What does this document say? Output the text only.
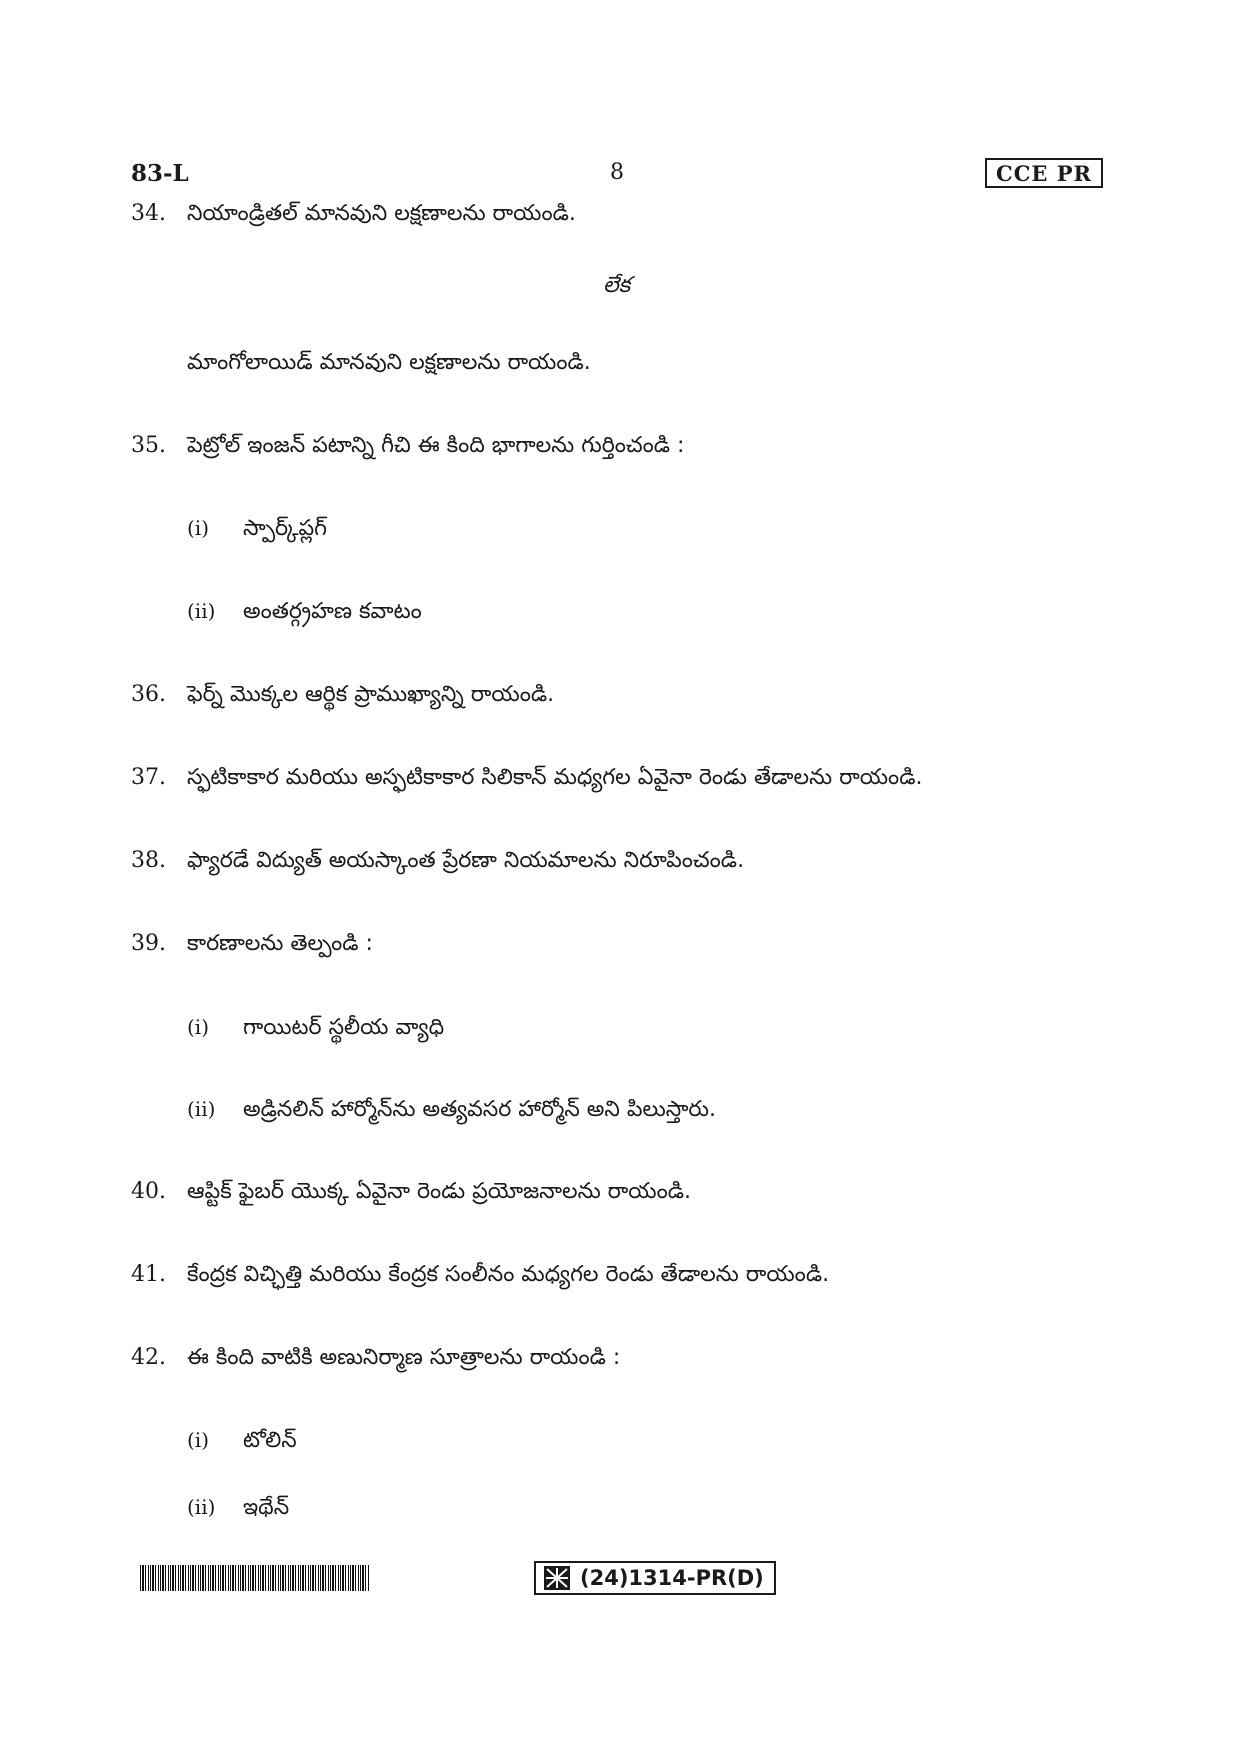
83-L	8	CCE PR
34. నియాండ్రిత‌ల్ మానవుని లక్షణాలను రాయండి.
లేక
మాంగోలాయిడ్ మానవుని లక్షణాలను రాయండి.
35. పెట్రోల్ ఇంజన్ పటాన్ని గీచి ఈ కింది భాగాలను గుర్తించండి :
(i) స్పార్క్‌ప్లగ్
(ii) అంతర్గ్రహణ కవాటం
36. ఫెర్న్ మొక్కల ఆర్థిక ప్రాముఖ్యాన్ని రాయండి.
37. స్ఫటికాకార మరియు అస్ఫటికాకార సిలికాన్ మధ్యగల ఏవైనా రెండు తేడాలను రాయండి.
38. ఫ్యారడే విద్యుత్ అయస్కాంత ప్రేరణా నియమాలను నిరూపించండి.
39. కారణాలను తెల్పండి :
(i) గాయిటర్ స్థలీయ వ్యాధి
(ii) అడ్రినలిన్ హార్మోన్‌ను అత్యవసర హార్మోన్ అని పిలుస్తారు.
40. ఆప్టిక్ ఫైబర్ యొక్క ఏవైనా రెండు ప్రయోజనాలను రాయండి.
41. కేంద్రక విచ్ఛిత్తి మరియు కేంద్రక సంలీనం మధ్యగల రెండు తేడాలను రాయండి.
42. ఈ కింది వాటికి అణునిర్మాణ సూత్రాలను రాయండి :
(i) టోలిన్
(ii) ఇథేన్
(24)1314-PR(D)
